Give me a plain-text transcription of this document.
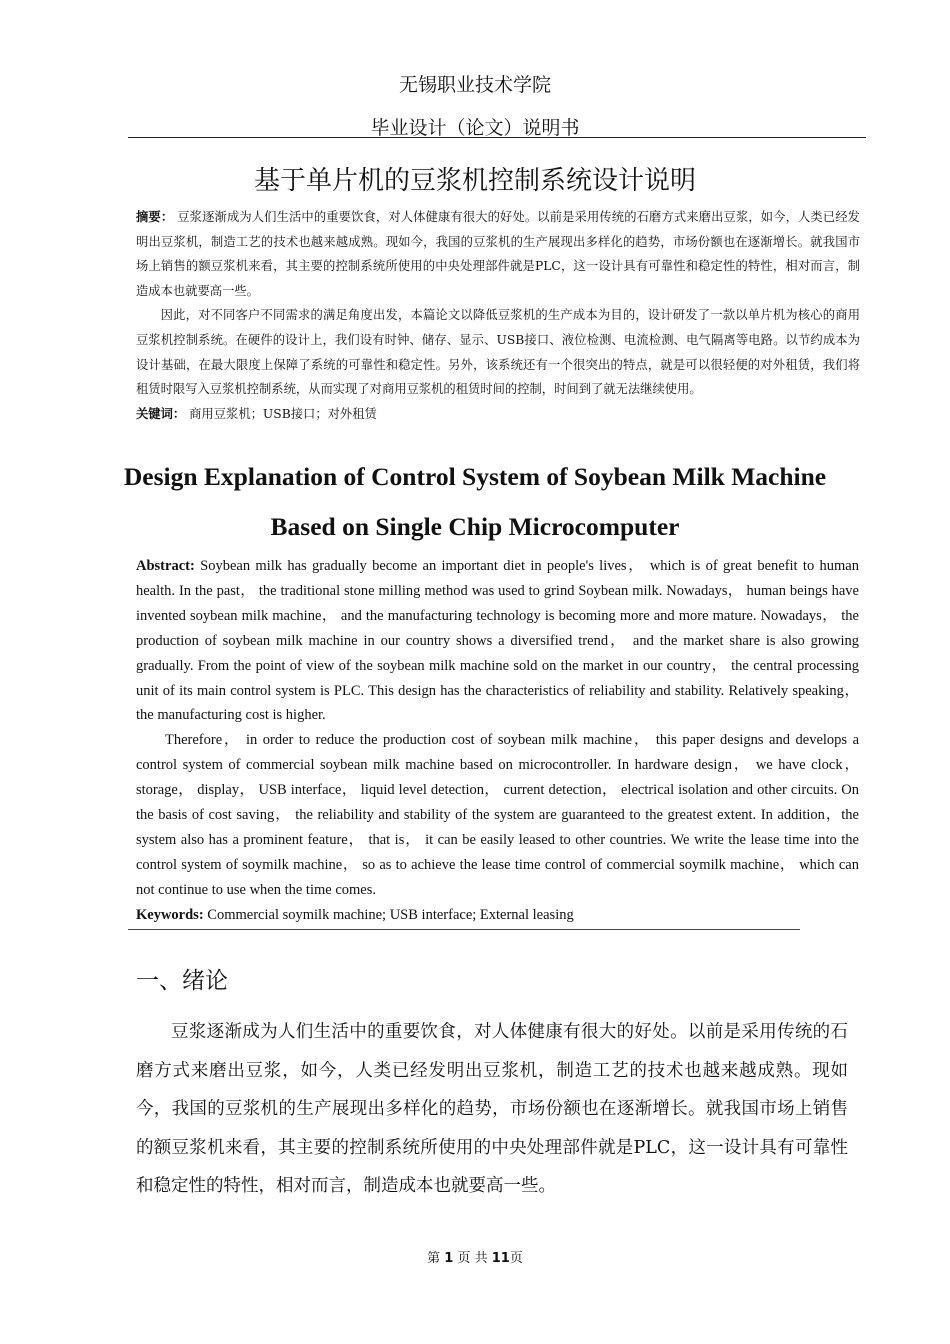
无锡职业技术学院
毕业设计（论文）说明书
基于单片机的豆浆机控制系统设计说明

摘要： 豆浆逐渐成为人们生活中的重要饮食，对人体健康有很大的好处。以前是采用传统的石磨方式来磨出豆浆，如今，人类已经发明出豆浆机，制造工艺的技术也越来越成熟。现如今，我国的豆浆机的生产展现出多样化的趋势，市场份额也在逐渐增长。就我国市场上销售的额豆浆机来看，其主要的控制系统所使用的中央处理部件就是PLC，这一设计具有可靠性和稳定性的特性，相对而言，制造成本也就要高一些。

因此，对不同客户不同需求的满足角度出发，本篇论文以降低豆浆机的生产成本为目的，设计研发了一款以单片机为核心的商用豆浆机控制系统。在硬件的设计上，我们设有时钟、储存、显示、USB接口、液位检测、电流检测、电气隔离等电路。以节约成本为设计基础，在最大限度上保障了系统的可靠性和稳定性。另外，该系统还有一个很突出的特点，就是可以很轻便的对外租赁，我们将租赁时限写入豆浆机控制系统，从而实现了对商用豆浆机的租赁时间的控制，时间到了就无法继续使用。

关键词： 商用豆浆机；USB接口；对外租赁

Design Explanation of Control System of Soybean Milk Machine
Based on Single Chip Microcomputer

Abstract: Soybean milk has gradually become an important diet in people's lives， which is of great benefit to human health. In the past， the traditional stone milling method was used to grind Soybean milk. Nowadays， human beings have invented soybean milk machine， and the manufacturing technology is becoming more and more mature. Nowadays， the production of soybean milk machine in our country shows a diversified trend， and the market share is also growing gradually. From the point of view of the soybean milk machine sold on the market in our country， the central processing unit of its main control system is PLC. This design has the characteristics of reliability and stability. Relatively speaking，the manufacturing cost is higher.

Therefore， in order to reduce the production cost of soybean milk machine， this paper designs and develops a control system of commercial soybean milk machine based on microcontroller. In hardware design， we have clock，storage， display， USB interface， liquid level detection， current detection， electrical isolation and other circuits. On the basis of cost saving， the reliability and stability of the system are guaranteed to the greatest extent. In addition，the system also has a prominent feature， that is， it can be easily leased to other countries. We write the lease time into the control system of soymilk machine， so as to achieve the lease time control of commercial soymilk machine， which can not continue to use when the time comes.

Keywords: Commercial soymilk machine; USB interface; External leasing

一、绪论

豆浆逐渐成为人们生活中的重要饮食，对人体健康有很大的好处。以前是采用传统的石磨方式来磨出豆浆，如今，人类已经发明出豆浆机，制造工艺的技术也越来越成熟。现如今，我国的豆浆机的生产展现出多样化的趋势，市场份额也在逐渐增长。就我国市场上销售的额豆浆机来看，其主要的控制系统所使用的中央处理部件就是PLC，这一设计具有可靠性和稳定性的特性，相对而言，制造成本也就要高一些。

第 1 页 共 11页
